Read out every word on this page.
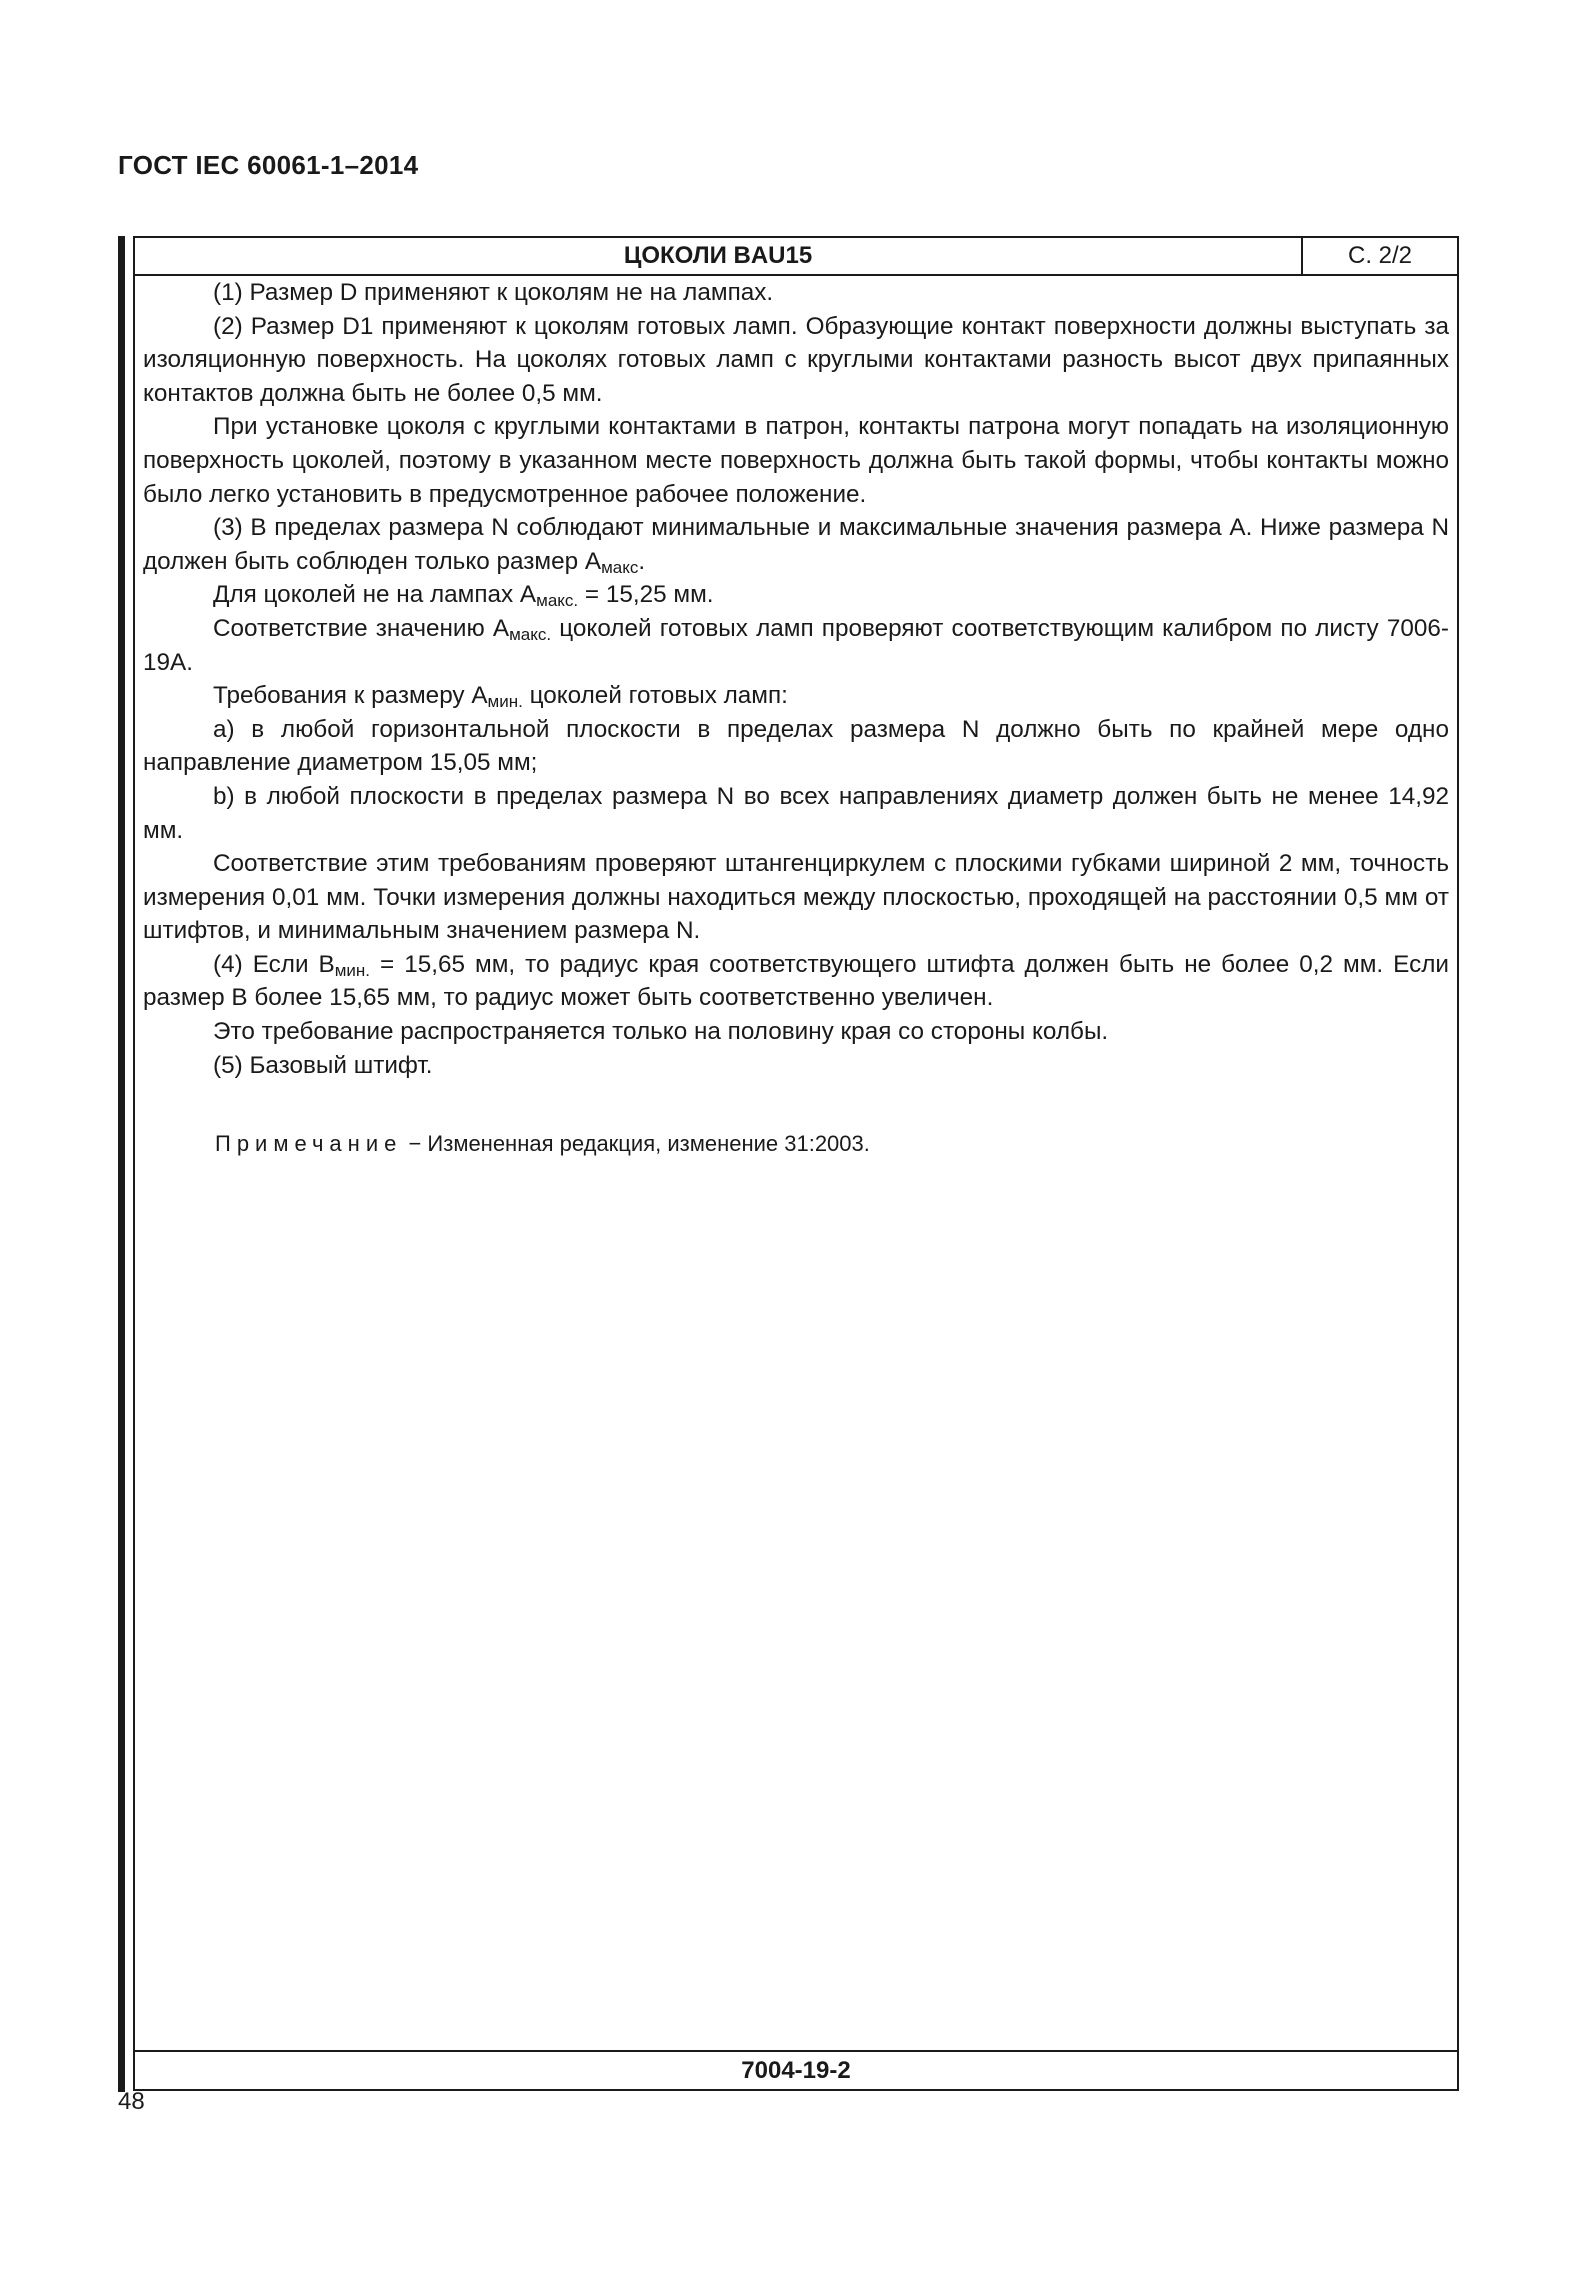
ГОСТ IEC 60061-1–2014
ЦОКОЛИ BAU15	С. 2/2

(1) Размер D применяют к цоколям не на лампах.

(2) Размер D1 применяют к цоколям готовых ламп. Образующие контакт поверхности должны выступать за изоляционную поверхность. На цоколях готовых ламп с круглыми контактами разность высот двух припаянных контактов должна быть не более 0,5 мм.

При установке цоколя с круглыми контактами в патрон, контакты патрона могут попадать на изоляционную поверхность цоколей, поэтому в указанном месте поверхность должна быть такой формы, чтобы контакты можно было легко установить в предусмотренное рабочее положение.

(3) В пределах размера N соблюдают минимальные и максимальные значения размера А. Ниже размера N должен быть соблюден только размер $А_{макс}$.

Для цоколей не на лампах $А_{макс.} = 15,25$ мм.

Соответствие значению $А_{макс.}$ цоколей готовых ламп проверяют соответствующим калибром по листу 7006-19А.

Требования к размеру $А_{мин.}$ цоколей готовых ламп:

а) в любой горизонтальной плоскости в пределах размера N должно быть по крайней мере одно направление диаметром 15,05 мм;

b) в любой плоскости в пределах размера N во всех направлениях диаметр должен быть не менее 14,92 мм.

Соответствие этим требованиям проверяют штангенциркулем с плоскими губками шириной 2 мм, точность измерения 0,01 мм. Точки измерения должны находиться между плоскостью, проходящей на расстоянии 0,5 мм от штифтов, и минимальным значением размера N.

(4) Если $В_{мин.} = 15,65$ мм, то радиус края соответствующего штифта должен быть не более 0,2 мм. Если размер В более 15,65 мм, то радиус может быть соответственно увеличен.

Это требование распространяется только на половину края со стороны колбы.

(5) Базовый штифт.

Примечание − Измененная редакция, изменение 31:2003.
7004-19-2
48
